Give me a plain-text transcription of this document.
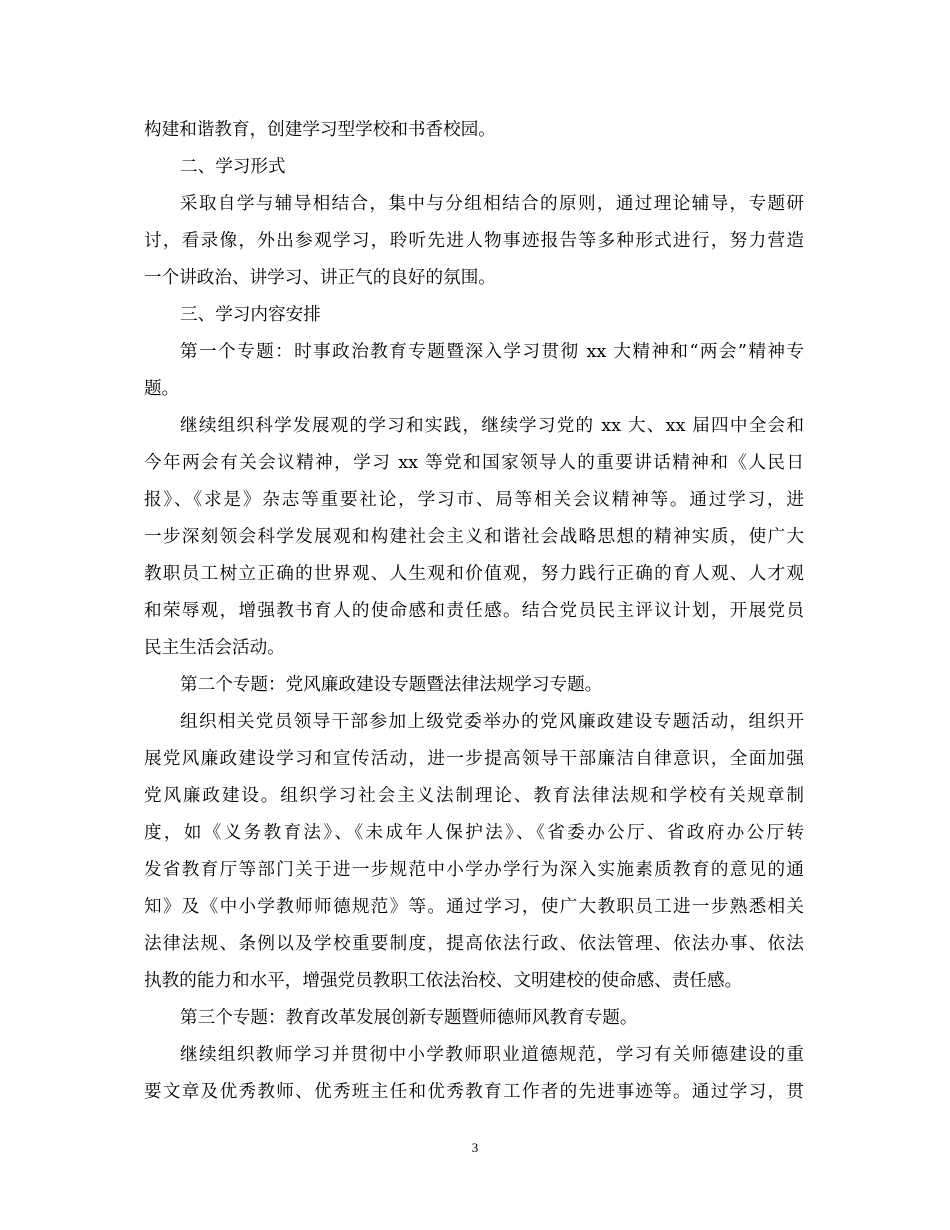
构建和谐教育，创建学习型学校和书香校园。
二、学习形式
采取自学与辅导相结合，集中与分组相结合的原则，通过理论辅导，专题研
讨，看录像，外出参观学习，聆听先进人物事迹报告等多种形式进行，努力营造
一个讲政治、讲学习、讲正气的良好的氛围。
三、学习内容安排
第一个专题：时事政治教育专题暨深入学习贯彻 xx 大精神和“两会”精神专
题。
继续组织科学发展观的学习和实践，继续学习党的 xx 大、xx 届四中全会和
今年两会有关会议精神，学习 xx 等党和国家领导人的重要讲话精神和《人民日
报》、《求是》杂志等重要社论，学习市、局等相关会议精神等。通过学习，进
一步深刻领会科学发展观和构建社会主义和谐社会战略思想的精神实质，使广大
教职员工树立正确的世界观、人生观和价值观，努力践行正确的育人观、人才观
和荣辱观，增强教书育人的使命感和责任感。结合党员民主评议计划，开展党员
民主生活会活动。
第二个专题：党风廉政建设专题暨法律法规学习专题。
组织相关党员领导干部参加上级党委举办的党风廉政建设专题活动，组织开
展党风廉政建设学习和宣传活动，进一步提高领导干部廉洁自律意识，全面加强
党风廉政建设。组织学习社会主义法制理论、教育法律法规和学校有关规章制
度，如《义务教育法》、《未成年人保护法》、《省委办公厅、省政府办公厅转
发省教育厅等部门关于进一步规范中小学办学行为深入实施素质教育的意见的通
知》及《中小学教师师德规范》等。通过学习，使广大教职员工进一步熟悉相关
法律法规、条例以及学校重要制度，提高依法行政、依法管理、依法办事、依法
执教的能力和水平，增强党员教职工依法治校、文明建校的使命感、责任感。
第三个专题：教育改革发展创新专题暨师德师风教育专题。
继续组织教师学习并贯彻中小学教师职业道德规范，学习有关师德建设的重
要文章及优秀教师、优秀班主任和优秀教育工作者的先进事迹等。通过学习，贯
3
